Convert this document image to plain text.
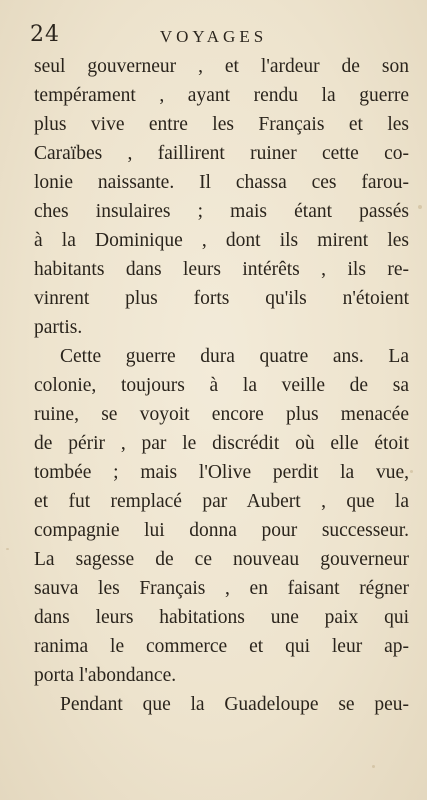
24	VOYAGES
seul gouverneur , et l'ardeur de son
tempérament , ayant rendu la guerre
plus vive entre les Français et les
Caraïbes , faillirent ruiner cette co-
lonie naissante. Il chassa ces farou-
ches insulaires ; mais étant passés
à la Dominique , dont ils mirent les
habitants dans leurs intérêts , ils re-
vinrent plus forts qu'ils n'étoient
partis.
Cette guerre dura quatre ans. La
colonie, toujours à la veille de sa
ruine, se voyoit encore plus menacée
de périr , par le discrédit où elle étoit
tombée ; mais l'Olive perdit la vue,
et fut remplacé par Aubert , que la
compagnie lui donna pour successeur.
La sagesse de ce nouveau gouverneur
sauva les Français , en faisant régner
dans leurs habitations une paix qui
ranima le commerce et qui leur ap-
porta l'abondance.
Pendant que la Guadeloupe se peu-
